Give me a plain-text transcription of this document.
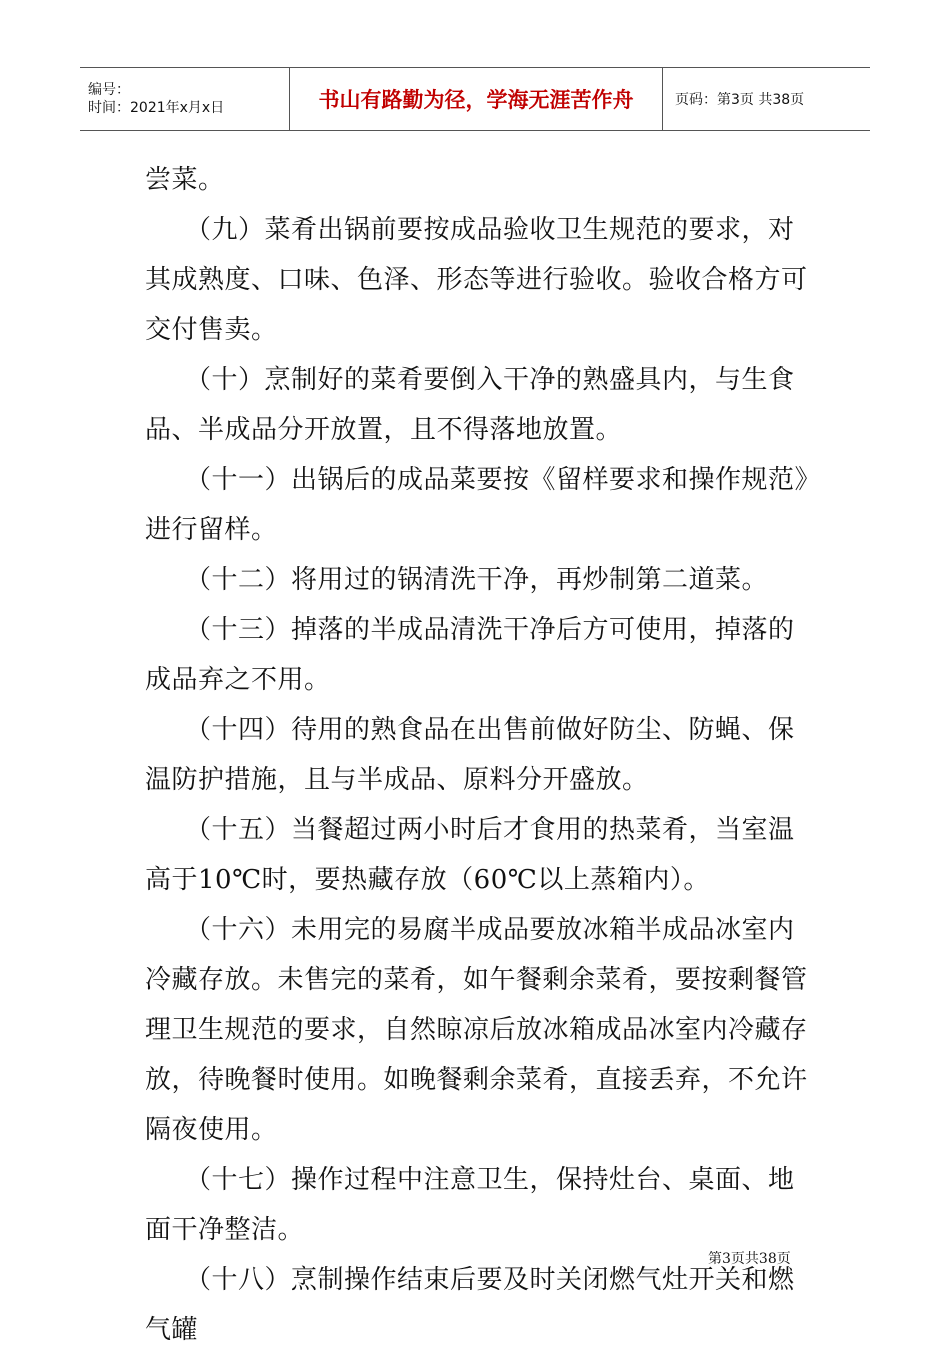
编号：
时间：2021年x月x日	书山有路勤为径，学海无涯苦作舟	页码：第3页 共38页

尝菜。

（九）菜肴出锅前要按成品验收卫生规范的要求，对其成熟度、口味、色泽、形态等进行验收。验收合格方可交付售卖。

（十）烹制好的菜肴要倒入干净的熟盛具内，与生食品、半成品分开放置，且不得落地放置。

（十一）出锅后的成品菜要按《留样要求和操作规范》进行留样。

（十二）将用过的锅清洗干净，再炒制第二道菜。

（十三）掉落的半成品清洗干净后方可使用，掉落的成品弃之不用。

（十四）待用的熟食品在出售前做好防尘、防蝇、保温防护措施，且与半成品、原料分开盛放。

（十五）当餐超过两小时后才食用的热菜肴，当室温高于10℃时，要热藏存放（60℃以上蒸箱内）。

（十六）未用完的易腐半成品要放冰箱半成品冰室内冷藏存放。未售完的菜肴，如午餐剩余菜肴，要按剩餐管理卫生规范的要求，自然晾凉后放冰箱成品冰室内冷藏存放，待晚餐时使用。如晚餐剩余菜肴，直接丢弃，不允许隔夜使用。

（十七）操作过程中注意卫生，保持灶台、桌面、地面干净整洁。

（十八）烹制操作结束后要及时关闭燃气灶开关和燃气罐

第3页共38页
